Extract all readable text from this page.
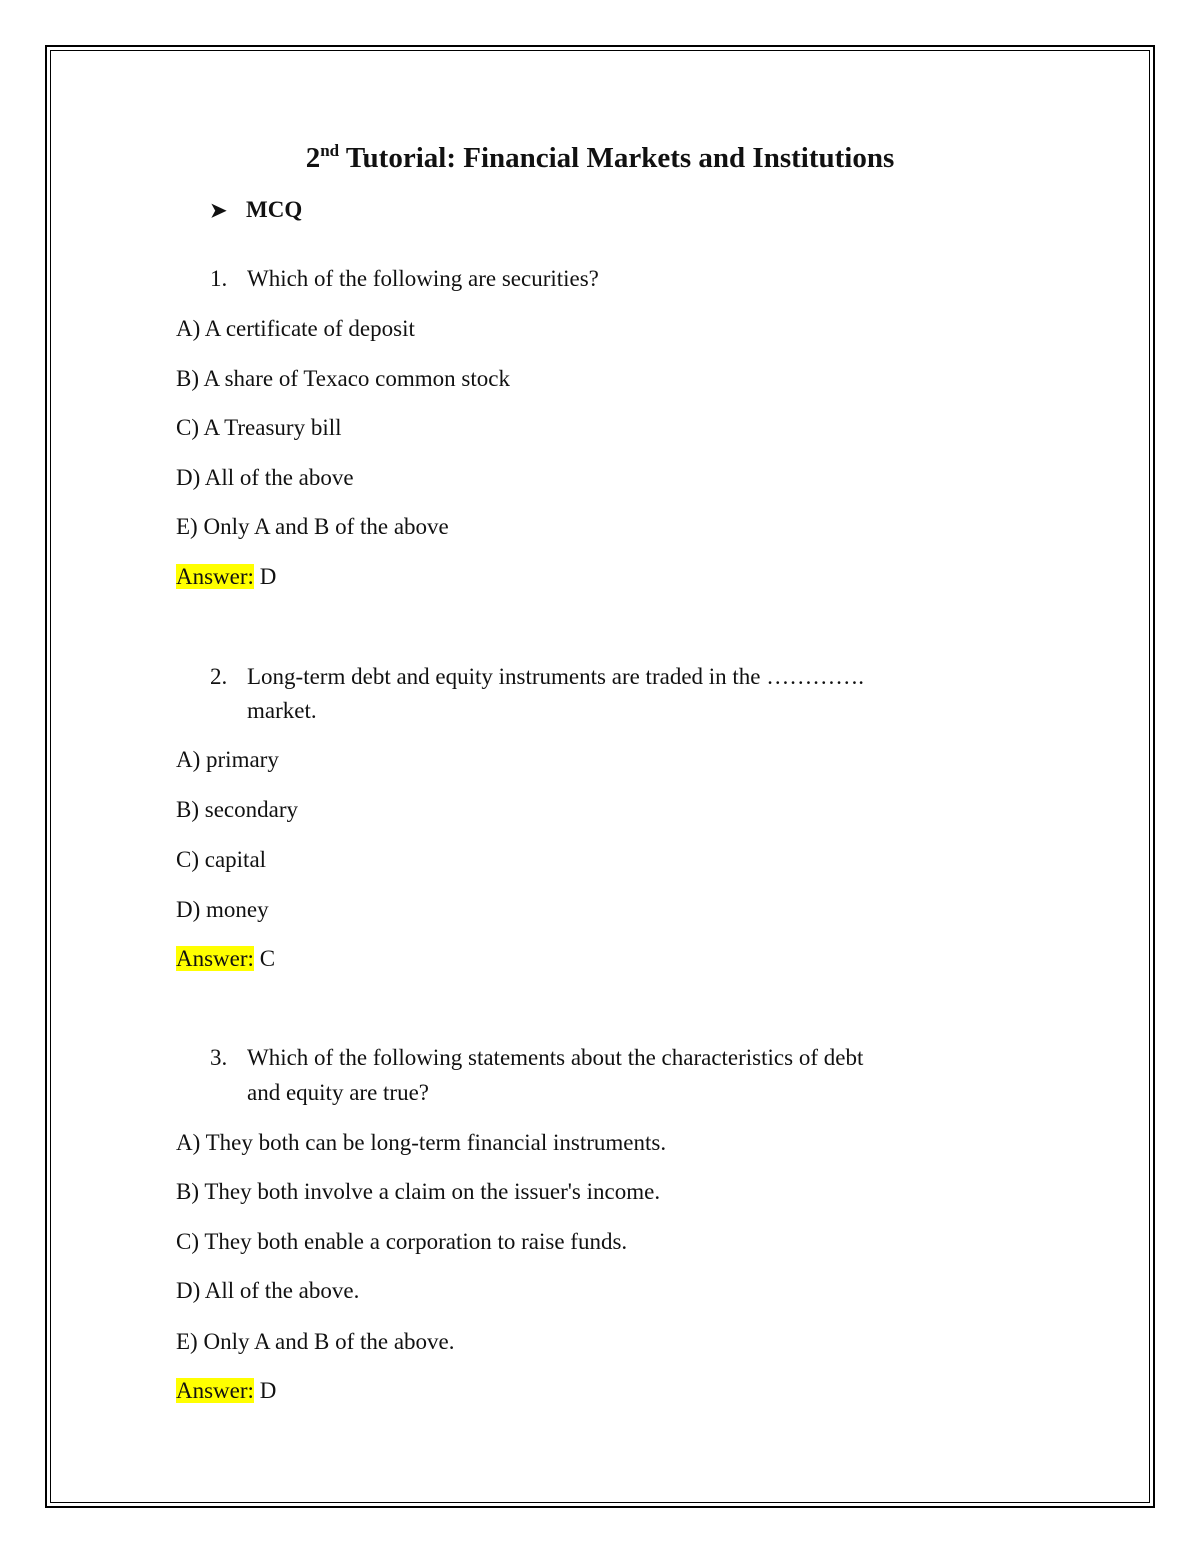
2nd Tutorial: Financial Markets and Institutions
➤ MCQ
1. Which of the following are securities?
A) A certificate of deposit
B) A share of Texaco common stock
C) A Treasury bill
D) All of the above
E) Only A and B of the above
Answer: D
2. Long-term debt and equity instruments are traded in the ………….
market.
A) primary
B) secondary
C) capital
D) money
Answer: C
3. Which of the following statements about the characteristics of debt
and equity are true?
A) They both can be long-term financial instruments.
B) They both involve a claim on the issuer's income.
C) They both enable a corporation to raise funds.
D) All of the above.
E) Only A and B of the above.
Answer: D
